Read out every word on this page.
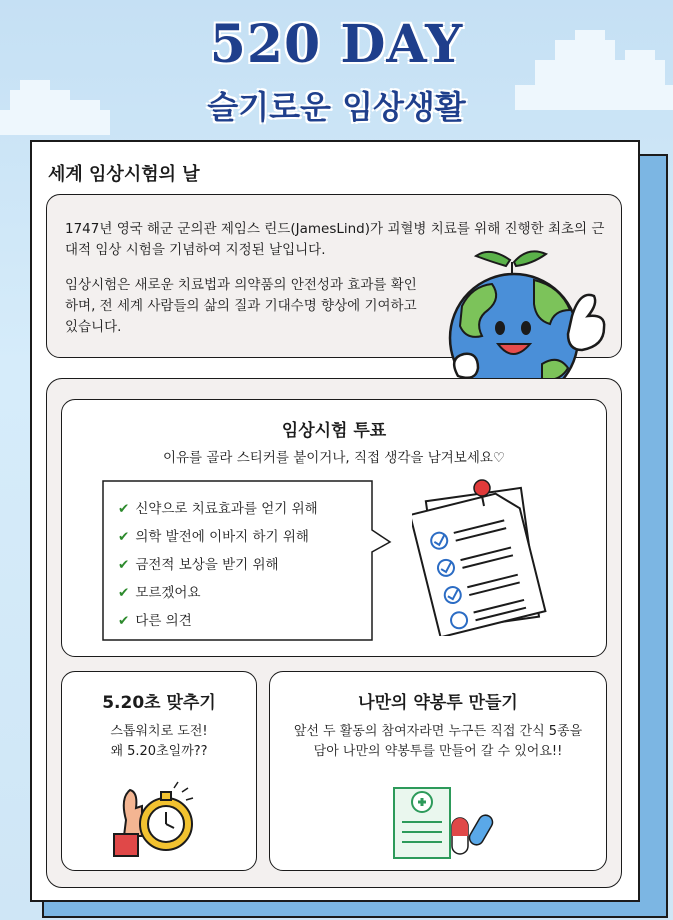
520 DAY
슬기로운 임상생활
세계 임상시험의 날

1747년 영국 해군 군의관 제임스 린드(JamesLind)가 괴혈병 치료를 위해 진행한 최초의 근대적 임상 시험을 기념하여 지정된 날입니다.

임상시험은 새로운 치료법과 의약품의 안전성과 효과를 확인하며, 전 세계 사람들의 삶의 질과 기대수명 향상에 기여하고 있습니다.

임상시험 투표
이유를 골라 스티커를 붙이거나, 직접 생각을 남겨보세요♡
✔ 신약으로 치료효과를 얻기 위해
✔ 의학 발전에 이바지 하기 위해
✔ 금전적 보상을 받기 위해
✔ 모르겠어요
✔ 다른 의견
5.20초 맞추기
스톱워치로 도전!
왜 5.20초일까??
나만의 약봉투 만들기
앞선 두 활동의 참여자라면 누구든 직접 간식 5종을
담아 나만의 약봉투를 만들어 갈 수 있어요!!
